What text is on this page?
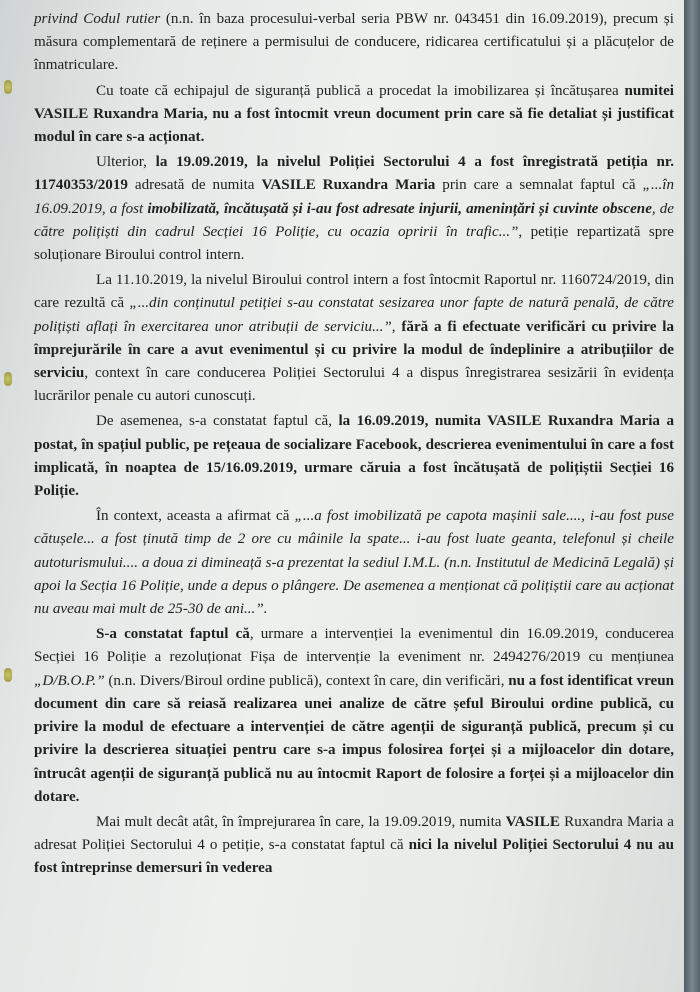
privind Codul rutier (n.n. în baza procesului-verbal seria PBW nr. 043451 din 16.09.2019), precum și măsura complementară de reținere a permisului de conducere, ridicarea certificatului și a plăcuțelor de înmatriculare.

Cu toate că echipajul de siguranță publică a procedat la imobilizarea și încătușarea numitei VASILE Ruxandra Maria, nu a fost întocmit vreun document prin care să fie detaliat și justificat modul în care s-a acționat.

Ulterior, la 19.09.2019, la nivelul Poliției Sectorului 4 a fost înregistrată petiția nr. 11740353/2019 adresată de numita VASILE Ruxandra Maria prin care a semnalat faptul că „...în 16.09.2019, a fost imobilizată, încătușată și i-au fost adresate injurii, amenințări și cuvinte obscene, de către polițiști din cadrul Secției 16 Poliție, cu ocazia opririi în trafic...”, petiție repartizată spre soluționare Biroului control intern.

La 11.10.2019, la nivelul Biroului control intern a fost întocmit Raportul nr. 1160724/2019, din care rezultă că „...din conținutul petiției s-au constatat sesizarea unor fapte de natură penală, de către polițiști aflați în exercitarea unor atribuții de serviciu...”, fără a fi efectuate verificări cu privire la împrejurările în care a avut evenimentul și cu privire la modul de îndeplinire a atribuțiilor de serviciu, context în care conducerea Poliției Sectorului 4 a dispus înregistrarea sesizării în evidența lucrărilor penale cu autori cunoscuți.

De asemenea, s-a constatat faptul că, la 16.09.2019, numita VASILE Ruxandra Maria a postat, în spațiul public, pe rețeaua de socializare Facebook, descrierea evenimentului în care a fost implicată, în noaptea de 15/16.09.2019, urmare căruia a fost încătușată de polițiștii Secției 16 Poliție.

În context, aceasta a afirmat că „...a fost imobilizată pe capota mașinii sale...., i-au fost puse cătușele... a fost ținută timp de 2 ore cu mâinile la spate... i-au fost luate geanta, telefonul și cheile autoturismului.... a doua zi dimineață s-a prezentat la sediul I.M.L. (n.n. Institutul de Medicină Legală) și apoi la Secția 16 Poliție, unde a depus o plângere. De asemenea a menționat că polițiștii care au acționat nu aveau mai mult de 25-30 de ani...”.

S-a constatat faptul că, urmare a intervenției la evenimentul din 16.09.2019, conducerea Secției 16 Poliție a rezoluționat Fișa de intervenție la eveniment nr. 2494276/2019 cu mențiunea „D/B.O.P.” (n.n. Divers/Biroul ordine publică), context în care, din verificări, nu a fost identificat vreun document din care să reiasă realizarea unei analize de către șeful Biroului ordine publică, cu privire la modul de efectuare a intervenției de către agenții de siguranță publică, precum și cu privire la descrierea situației pentru care s-a impus folosirea forței și a mijloacelor din dotare, întrucât agenții de siguranță publică nu au întocmit Raport de folosire a forței și a mijloacelor din dotare.

Mai mult decât atât, în împrejurarea în care, la 19.09.2019, numita VASILE Ruxandra Maria a adresat Poliției Sectorului 4 o petiție, s-a constatat faptul că nici la nivelul Poliției Sectorului 4 nu au fost întreprinse demersuri în vederea
